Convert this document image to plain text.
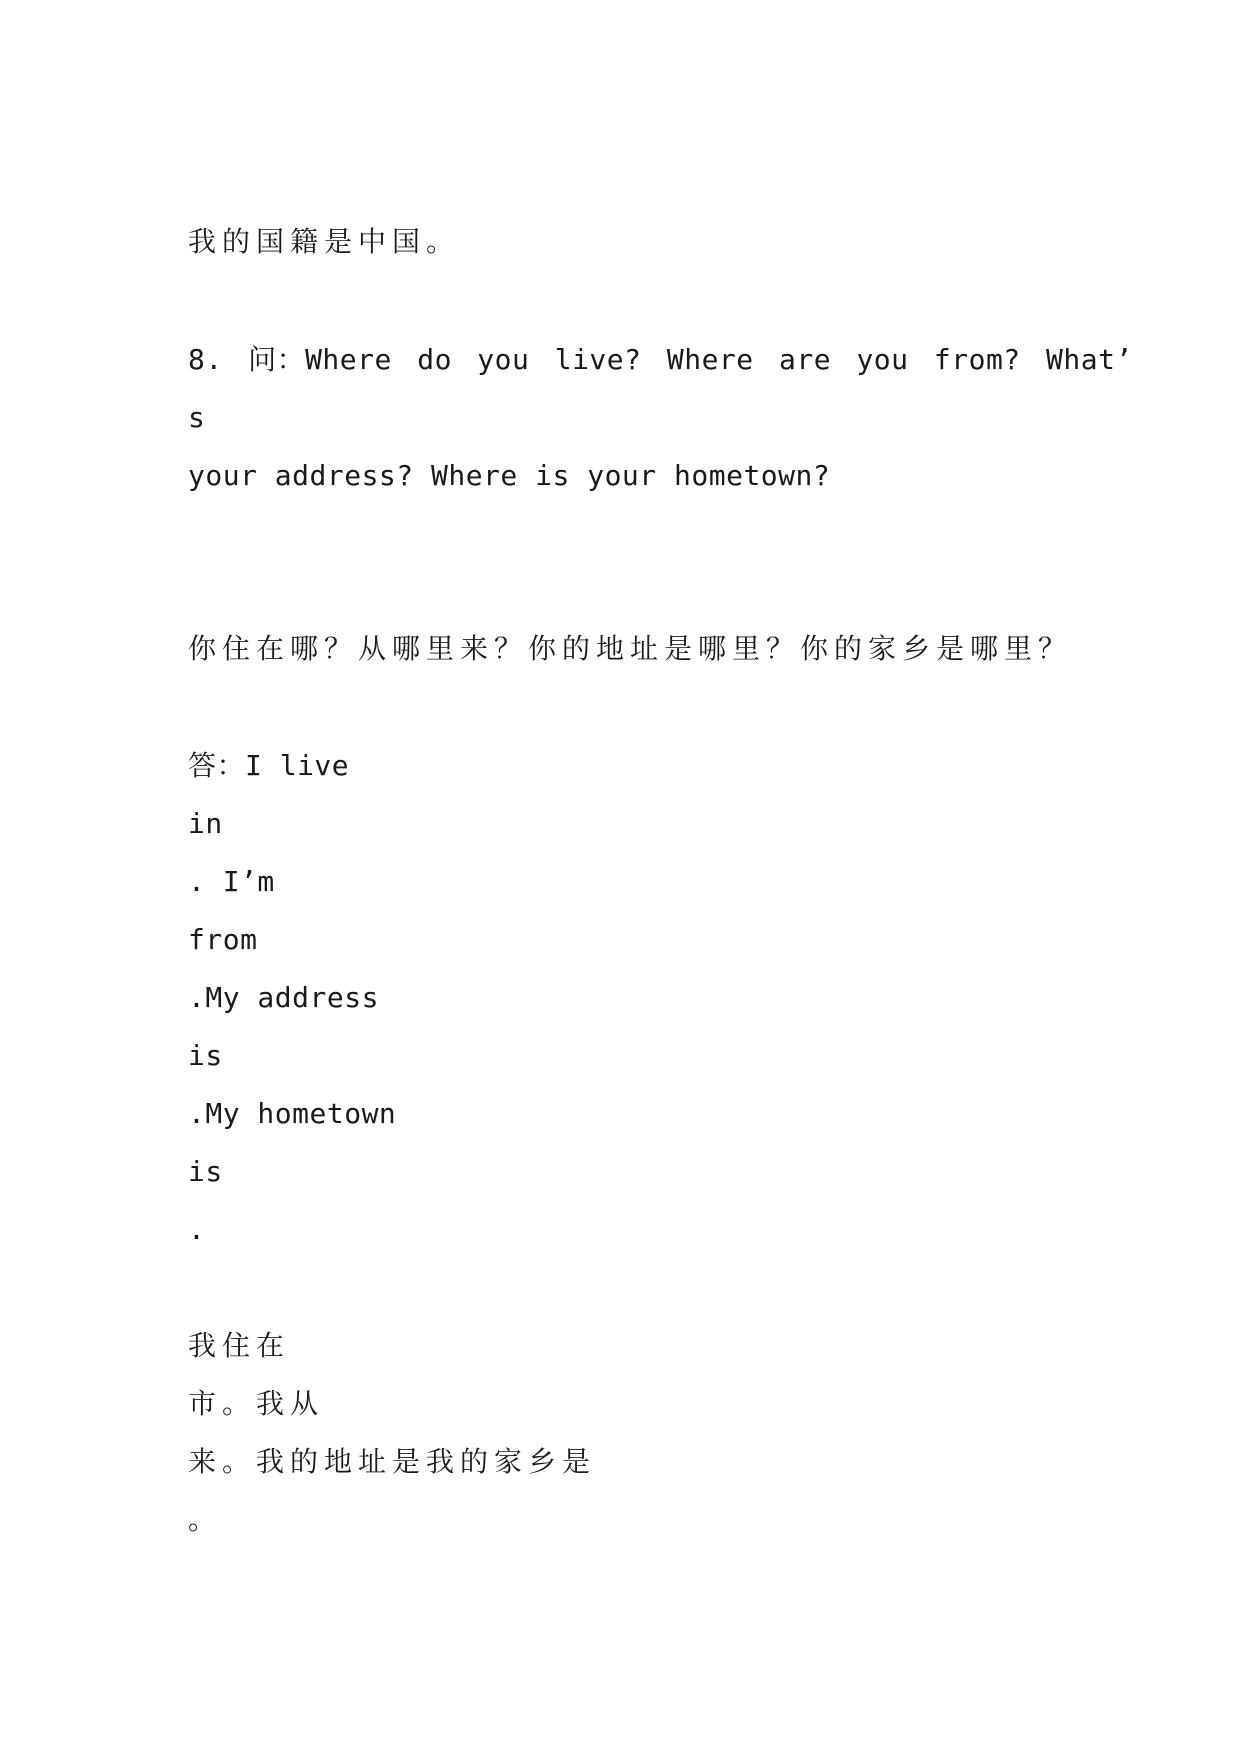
我的国籍是中国。
8. 问：Where do you live? Where are you from? What’
s
your address? Where is your hometown?
你住在哪？从哪里来？你的地址是哪里？你的家乡是哪里？
答：I live
in
. I’m
from
.My address
is
.My hometown
is
.
我住在
市。我从
来。我的地址是我的家乡是
。
